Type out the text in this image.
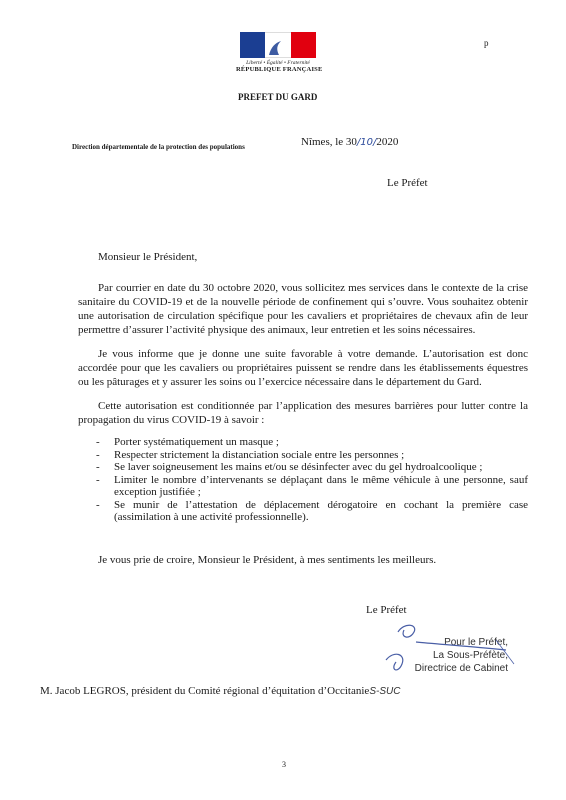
Liberté • Égalité • Fraternité
RÉPUBLIQUE FRANÇAISE
p
PREFET DU GARD
Direction départementale de la protection des populations	Nîmes, le 30/10/2020
Le Préfet
Monsieur le Président,
Par courrier en date du 30 octobre 2020, vous sollicitez mes services dans le contexte de la crise sanitaire du COVID-19 et de la nouvelle période de confinement qui s’ouvre. Vous souhaitez obtenir une autorisation de circulation spécifique pour les cavaliers et propriétaires de chevaux afin de leur permettre d’assurer l’activité physique des animaux, leur entretien et les soins nécessaires.
Je vous informe que je donne une suite favorable à votre demande. L’autorisation est donc accordée pour que les cavaliers ou propriétaires puissent se rendre dans les établissements équestres ou les pâturages et y assurer les soins ou l’exercice nécessaire dans le département du Gard.
Cette autorisation est conditionnée par l’application des mesures barrières pour lutter contre la propagation du virus COVID-19 à savoir :
- Porter systématiquement un masque ;
- Respecter strictement la distanciation sociale entre les personnes ;
- Se laver soigneusement les mains et/ou se désinfecter avec du gel hydroalcoolique ;
- Limiter le nombre d’intervenants se déplaçant dans le même véhicule à une personne, sauf exception justifiée ;
- Se munir de l’attestation de déplacement dérogatoire en cochant la première case (assimilation à une activité professionnelle).
Je vous prie de croire, Monsieur le Président, à mes sentiments les meilleurs.
Le Préfet
Pour le Préfet,
La Sous-Préfète,
Directrice de Cabinet
M. Jacob LEGROS, président du Comité régional d’équitation d’OccitanieS-SUC
3
